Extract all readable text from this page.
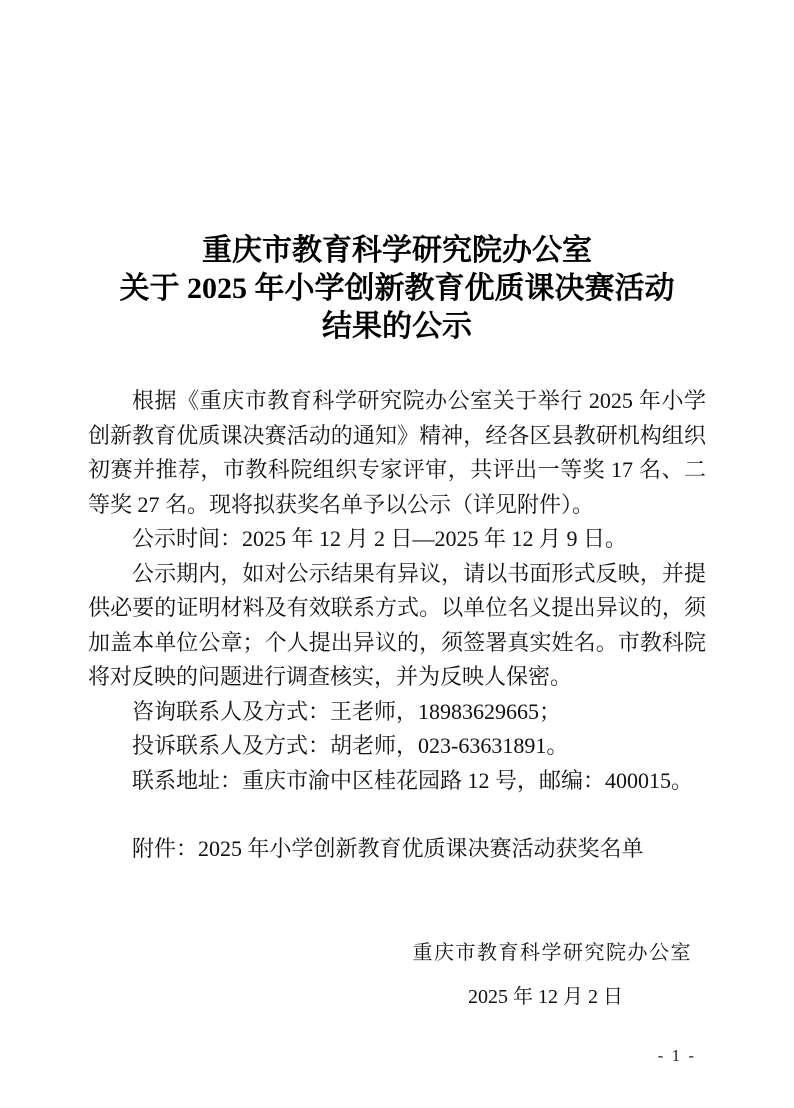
重庆市教育科学研究院办公室
关于 2025 年小学创新教育优质课决赛活动
结果的公示

根据《重庆市教育科学研究院办公室关于举行 2025 年小学创新教育优质课决赛活动的通知》精神，经各区县教研机构组织初赛并推荐，市教科院组织专家评审，共评出一等奖 17 名、二等奖 27 名。现将拟获奖名单予以公示（详见附件）。

公示时间：2025 年 12 月 2 日—2025 年 12 月 9 日。

公示期内，如对公示结果有异议，请以书面形式反映，并提供必要的证明材料及有效联系方式。以单位名义提出异议的，须加盖本单位公章；个人提出异议的，须签署真实姓名。市教科院将对反映的问题进行调查核实，并为反映人保密。

咨询联系人及方式：王老师，18983629665；

投诉联系人及方式：胡老师，023-63631891。

联系地址：重庆市渝中区桂花园路 12 号，邮编：400015。

附件：2025 年小学创新教育优质课决赛活动获奖名单

重庆市教育科学研究院办公室
2025 年 12 月 2 日
- 1 -
